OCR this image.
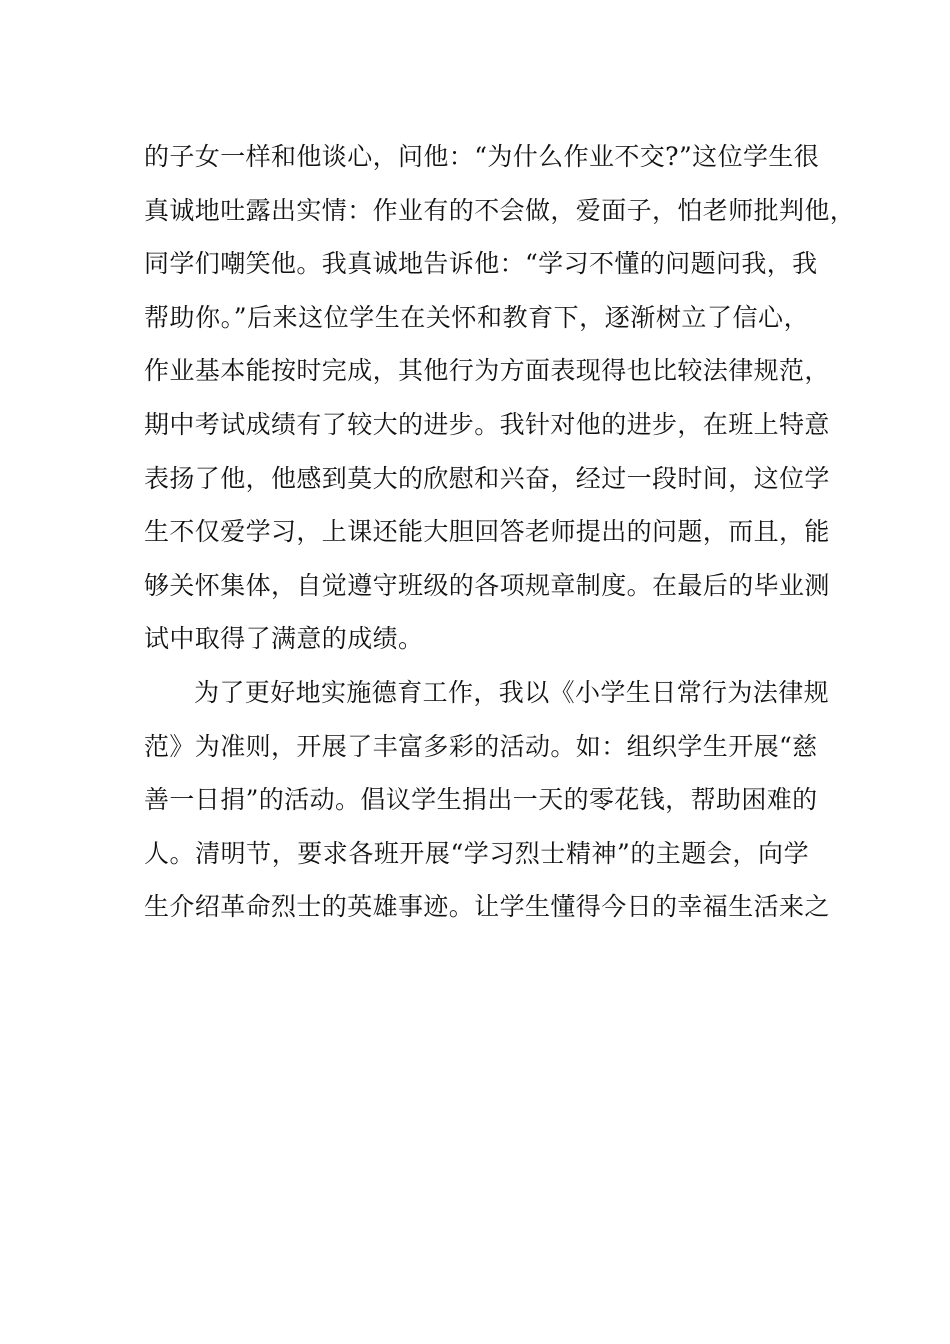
的子女一样和他谈心，问他：“为什么作业不交?”这位学生很
真诚地吐露出实情：作业有的不会做，爱面子，怕老师批判他，
同学们嘲笑他。我真诚地告诉他：“学习不懂的问题问我，我
帮助你。”后来这位学生在关怀和教育下，逐渐树立了信心，
作业基本能按时完成，其他行为方面表现得也比较法律规范，
期中考试成绩有了较大的进步。我针对他的进步，在班上特意
表扬了他，他感到莫大的欣慰和兴奋，经过一段时间，这位学
生不仅爱学习，上课还能大胆回答老师提出的问题，而且，能
够关怀集体，自觉遵守班级的各项规章制度。在最后的毕业测
试中取得了满意的成绩。
为了更好地实施德育工作，我以《小学生日常行为法律规
范》为准则，开展了丰富多彩的活动。如：组织学生开展“慈
善一日捐”的活动。倡议学生捐出一天的零花钱，帮助困难的
人。清明节，要求各班开展“学习烈士精神”的主题会，向学
生介绍革命烈士的英雄事迹。让学生懂得今日的幸福生活来之
